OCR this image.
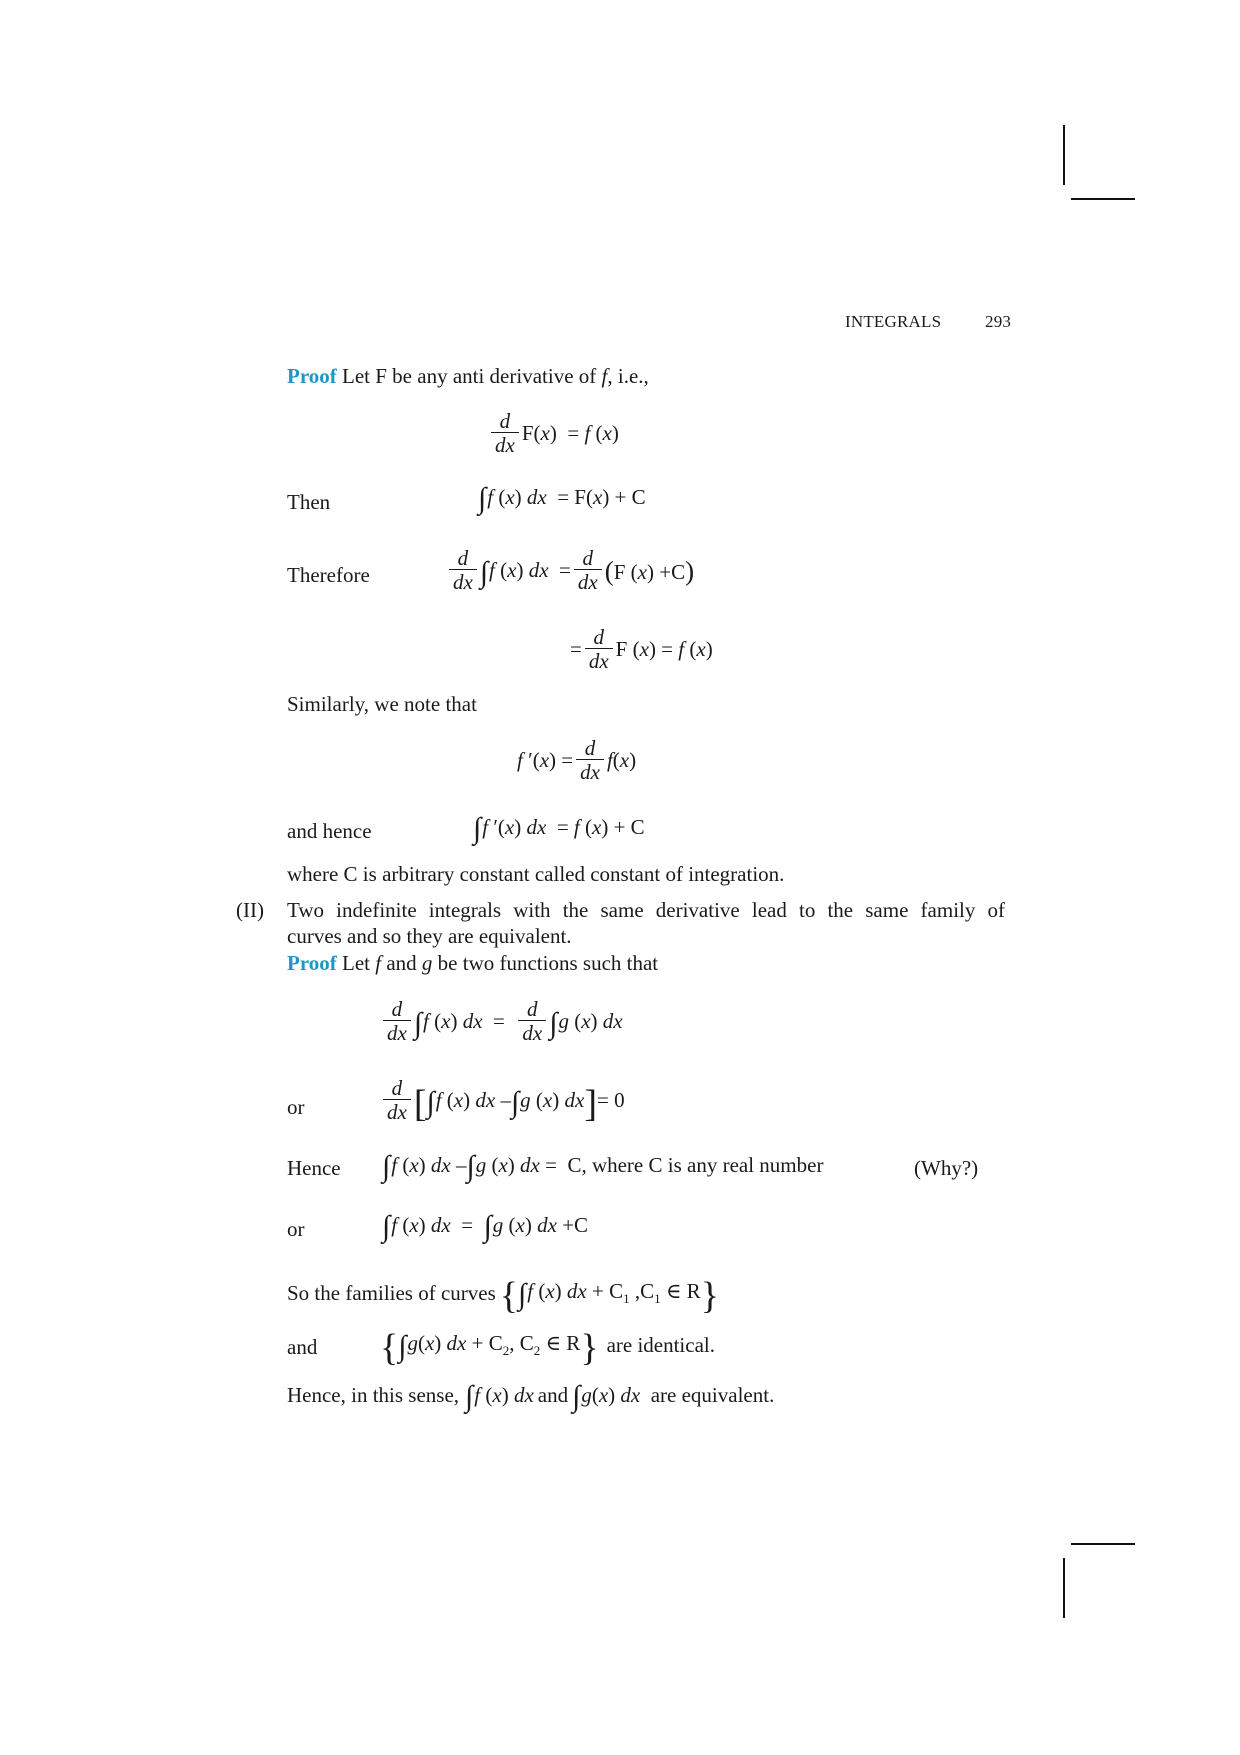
INTEGRALS	293
Proof Let F be any anti derivative of f, i.e.,
$\frac{d}{dx} F(x) = f$ (x)
Then	∫ f (x) dx  = F(x) + C
Therefore	$\frac{d}{dx}$ ∫ f (x) dx  = $\frac{d}{dx} (F$ (x) +C)
= $\frac{d}{dx}$ F (x) = f (x)
Similarly, we note that
f $'(x) = \frac{d}{dx} f(x)$
and hence	∫ f ′(x) dx  = f (x) + C
where C is arbitrary constant called constant of integration.
(II) Two indefinite integrals with the same derivative lead to the same family of
curves and so they are equivalent.
Proof Let f and g be two functions such that
$\frac{d}{dx}$ ∫ f (x) dx  = $\frac{d}{dx}$ ∫ g (x) dx
or	$\frac{d}{dx}$ [ ∫ f (x) dx – ∫ g (x) dx ] = 0
Hence ∫ f (x) dx – ∫ g (x) dx = C, where C is any real number	(Why?)
or	∫ f (x) dx  = ∫ g (x) dx +C
So the families of curves { ∫ f (x) dx + $C_1$ $,C_1$ ∈ R }
and { ∫ g(x) dx + $C_2$, $C_2$ ∈ R } are identical.
Hence, in this sense, ∫ f (x) dx and ∫ g(x) dx are equivalent.
